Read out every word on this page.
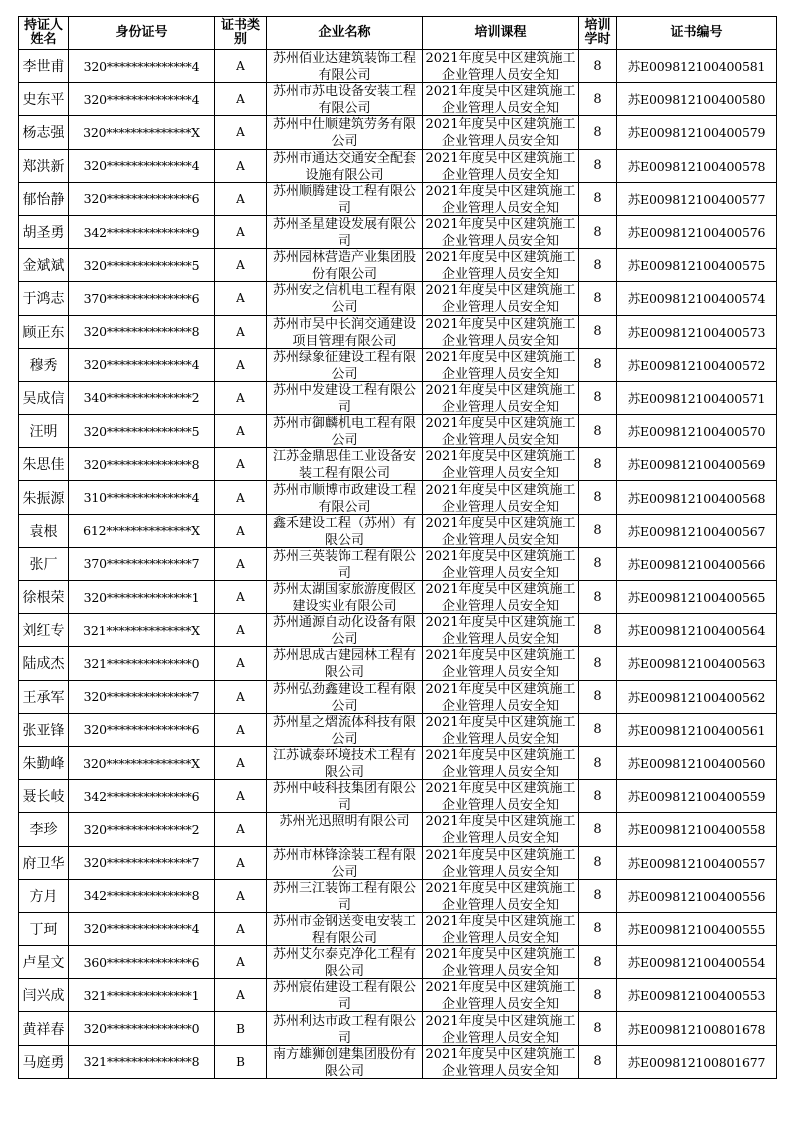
持证人姓名	身份证号	证书类别	企业名称	培训课程	培训学时	证书编号
李世甫	320**************4	A	苏州佰业达建筑装饰工程有限公司	2021年度吴中区建筑施工企业管理人员安全知	8	苏E009812100400581
史东平	320**************4	A	苏州市苏电设备安装工程有限公司	2021年度吴中区建筑施工企业管理人员安全知	8	苏E009812100400580
杨志强	320**************X	A	苏州中仕顺建筑劳务有限公司	2021年度吴中区建筑施工企业管理人员安全知	8	苏E009812100400579
郑洪新	320**************4	A	苏州市通达交通安全配套设施有限公司	2021年度吴中区建筑施工企业管理人员安全知	8	苏E009812100400578
郁怡静	320**************6	A	苏州顺腾建设工程有限公司	2021年度吴中区建筑施工企业管理人员安全知	8	苏E009812100400577
胡圣勇	342**************9	A	苏州圣星建设发展有限公司	2021年度吴中区建筑施工企业管理人员安全知	8	苏E009812100400576
金斌斌	320**************5	A	苏州园林营造产业集团股份有限公司	2021年度吴中区建筑施工企业管理人员安全知	8	苏E009812100400575
于鸿志	370**************6	A	苏州安之信机电工程有限公司	2021年度吴中区建筑施工企业管理人员安全知	8	苏E009812100400574
顾正东	320**************8	A	苏州市吴中长润交通建设项目管理有限公司	2021年度吴中区建筑施工企业管理人员安全知	8	苏E009812100400573
穆秀	320**************4	A	苏州绿象征建设工程有限公司	2021年度吴中区建筑施工企业管理人员安全知	8	苏E009812100400572
吴成信	340**************2	A	苏州中发建设工程有限公司	2021年度吴中区建筑施工企业管理人员安全知	8	苏E009812100400571
汪明	320**************5	A	苏州市御麟机电工程有限公司	2021年度吴中区建筑施工企业管理人员安全知	8	苏E009812100400570
朱思佳	320**************8	A	江苏金鼎思佳工业设备安装工程有限公司	2021年度吴中区建筑施工企业管理人员安全知	8	苏E009812100400569
朱振源	310**************4	A	苏州市顺博市政建设工程有限公司	2021年度吴中区建筑施工企业管理人员安全知	8	苏E009812100400568
袁根	612**************X	A	鑫禾建设工程（苏州）有限公司	2021年度吴中区建筑施工企业管理人员安全知	8	苏E009812100400567
张厂	370**************7	A	苏州三英装饰工程有限公司	2021年度吴中区建筑施工企业管理人员安全知	8	苏E009812100400566
徐根荣	320**************1	A	苏州太湖国家旅游度假区建设实业有限公司	2021年度吴中区建筑施工企业管理人员安全知	8	苏E009812100400565
刘红专	321**************X	A	苏州通源自动化设备有限公司	2021年度吴中区建筑施工企业管理人员安全知	8	苏E009812100400564
陆成杰	321**************0	A	苏州思成古建园林工程有限公司	2021年度吴中区建筑施工企业管理人员安全知	8	苏E009812100400563
王承军	320**************7	A	苏州弘劲鑫建设工程有限公司	2021年度吴中区建筑施工企业管理人员安全知	8	苏E009812100400562
张亚锋	320**************6	A	苏州星之熠流体科技有限公司	2021年度吴中区建筑施工企业管理人员安全知	8	苏E009812100400561
朱勤峰	320**************X	A	江苏诚泰环境技术工程有限公司	2021年度吴中区建筑施工企业管理人员安全知	8	苏E009812100400560
聂长岐	342**************6	A	苏州中岐科技集团有限公司	2021年度吴中区建筑施工企业管理人员安全知	8	苏E009812100400559
李珍	320**************2	A	苏州光迅照明有限公司	2021年度吴中区建筑施工企业管理人员安全知	8	苏E009812100400558
府卫华	320**************7	A	苏州市林锋涂装工程有限公司	2021年度吴中区建筑施工企业管理人员安全知	8	苏E009812100400557
方月	342**************8	A	苏州三江装饰工程有限公司	2021年度吴中区建筑施工企业管理人员安全知	8	苏E009812100400556
丁珂	320**************4	A	苏州市金钢送变电安装工程有限公司	2021年度吴中区建筑施工企业管理人员安全知	8	苏E009812100400555
卢星文	360**************6	A	苏州艾尔泰克净化工程有限公司	2021年度吴中区建筑施工企业管理人员安全知	8	苏E009812100400554
闫兴成	321**************1	A	苏州宸佑建设工程有限公司	2021年度吴中区建筑施工企业管理人员安全知	8	苏E009812100400553
黄祥春	320**************0	B	苏州利达市政工程有限公司	2021年度吴中区建筑施工企业管理人员安全知	8	苏E009812100801678
马庭勇	321**************8	B	南方雄狮创建集团股份有限公司	2021年度吴中区建筑施工企业管理人员安全知	8	苏E009812100801677
